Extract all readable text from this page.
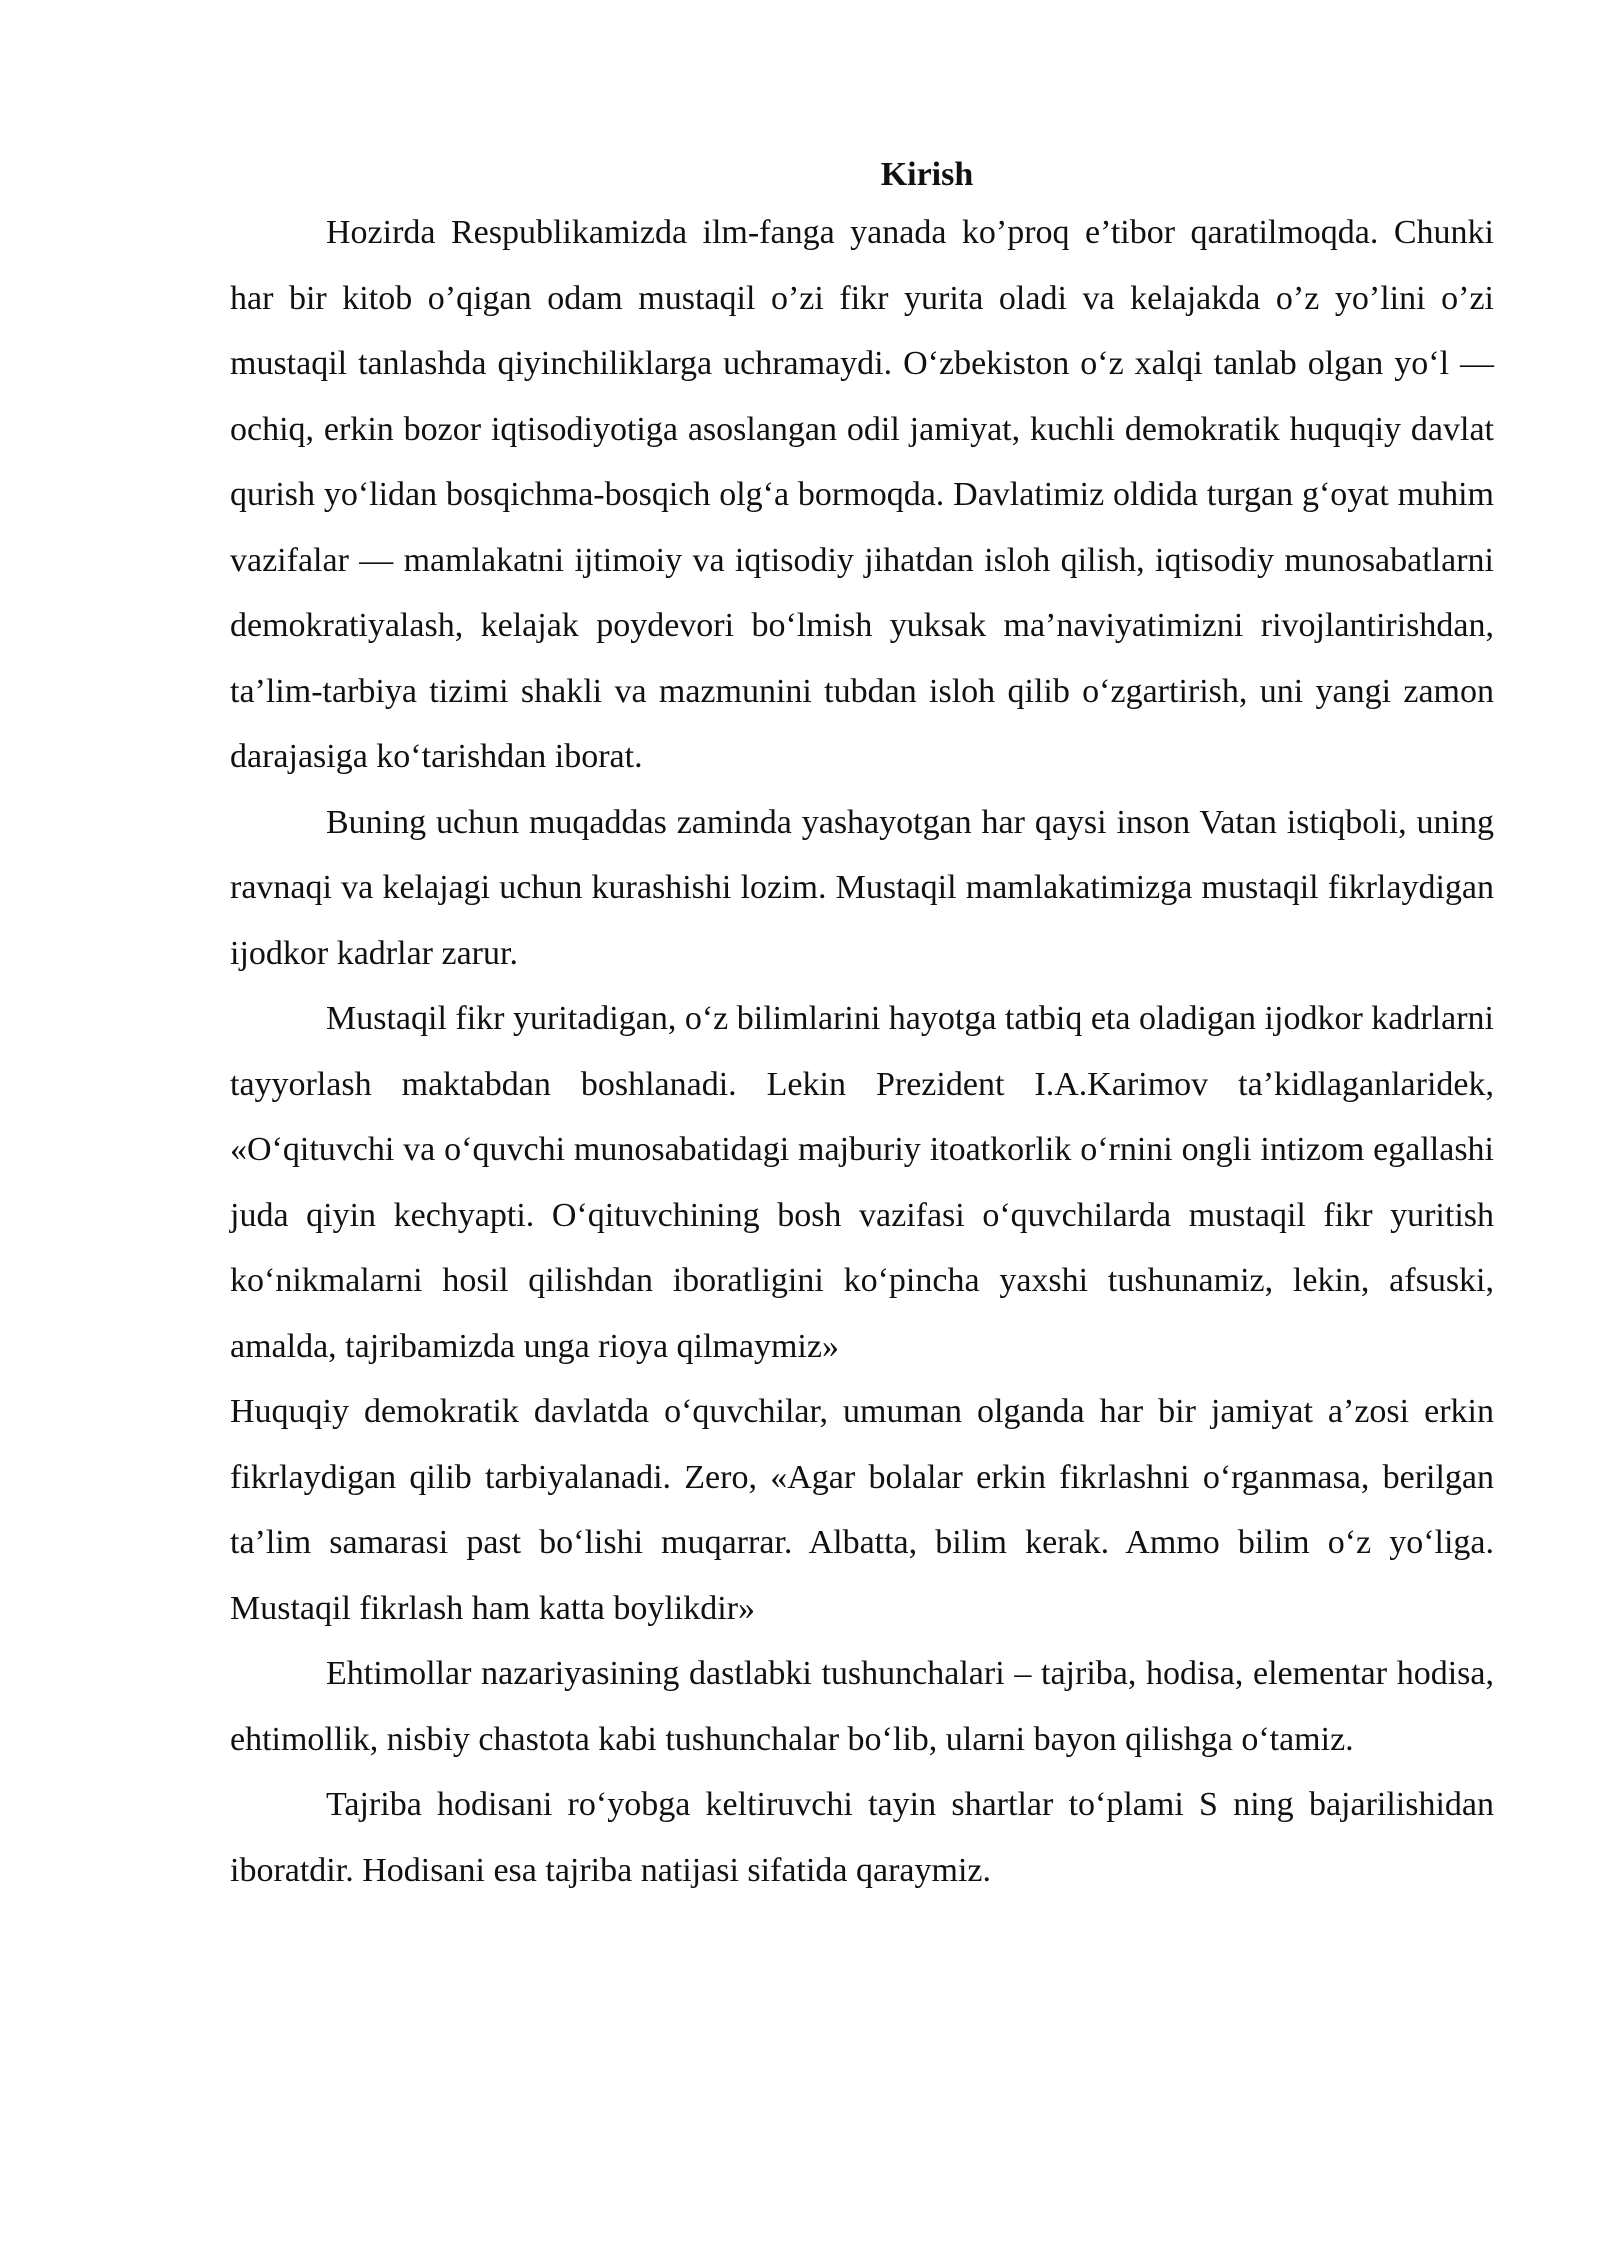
Kirish

Hozirda Respublikamizda ilm-fanga yanada ko’proq e’tibor qaratilmoqda. Chunki har bir kitob o’qigan odam mustaqil o’zi fikr yurita oladi va kelajakda o’z yo’lini o’zi mustaqil tanlashda qiyinchiliklarga uchramaydi. O‘zbekiston o‘z xalqi tanlab olgan yo‘l — ochiq, erkin bozor iqtisodiyotiga asoslangan odil jamiyat, kuchli demokratik huquqiy davlat qurish yo‘lidan bosqichma-bosqich olg‘a bormoqda. Davlatimiz oldida turgan g‘oyat muhim vazifalar — mamlakatni ijtimoiy va iqtisodiy jihatdan isloh qilish, iqtisodiy munosabatlarni demokratiyalash, kelajak poydevori bo‘lmish yuksak ma’naviyatimizni rivojlantirishdan, ta’lim-tarbiya tizimi shakli va mazmunini tubdan isloh qilib o‘zgartirish, uni yangi zamon darajasiga ko‘tarishdan iborat.

Buning uchun muqaddas zaminda yashayotgan har qaysi inson Vatan istiqboli, uning ravnaqi va kelajagi uchun kurashishi lozim. Mustaqil mamlakatimizga mustaqil fikrlaydigan ijodkor kadrlar zarur.

Mustaqil fikr yuritadigan, o‘z bilimlarini hayotga tatbiq eta oladigan ijodkor kadrlarni tayyorlash maktabdan boshlanadi. Lekin Prezident I.A.Karimov ta’kidlaganlaridek, «O‘qituvchi va o‘quvchi munosabatidagi majburiy itoatkorlik o‘rnini ongli intizom egallashi juda qiyin kechyapti. O‘qituvchining bosh vazifasi o‘quvchilarda mustaqil fikr yuritish ko‘nikmalarni hosil qilishdan iboratligini ko‘pincha yaxshi tushunamiz, lekin, afsuski, amalda, tajribamizda unga rioya qilmaymiz»

Huquqiy demokratik davlatda o‘quvchilar, umuman olganda har bir jamiyat a’zosi erkin fikrlaydigan qilib tarbiyalanadi. Zero, «Agar bolalar erkin fikrlashni o‘rganmasa, berilgan ta’lim samarasi past bo‘lishi muqarrar. Albatta, bilim kerak. Ammo bilim o‘z yo‘liga. Mustaqil fikrlash ham katta boylikdir»

Ehtimollar nazariyasining dastlabki tushunchalari – tajriba, hodisa, elementar hodisa, ehtimollik, nisbiy chastota kabi tushunchalar bo‘lib, ularni bayon qilishga o‘tamiz.

Tajriba hodisani ro‘yobga keltiruvchi tayin shartlar to‘plami S ning bajarilishidan iboratdir. Hodisani esa tajriba natijasi sifatida qaraymiz.
